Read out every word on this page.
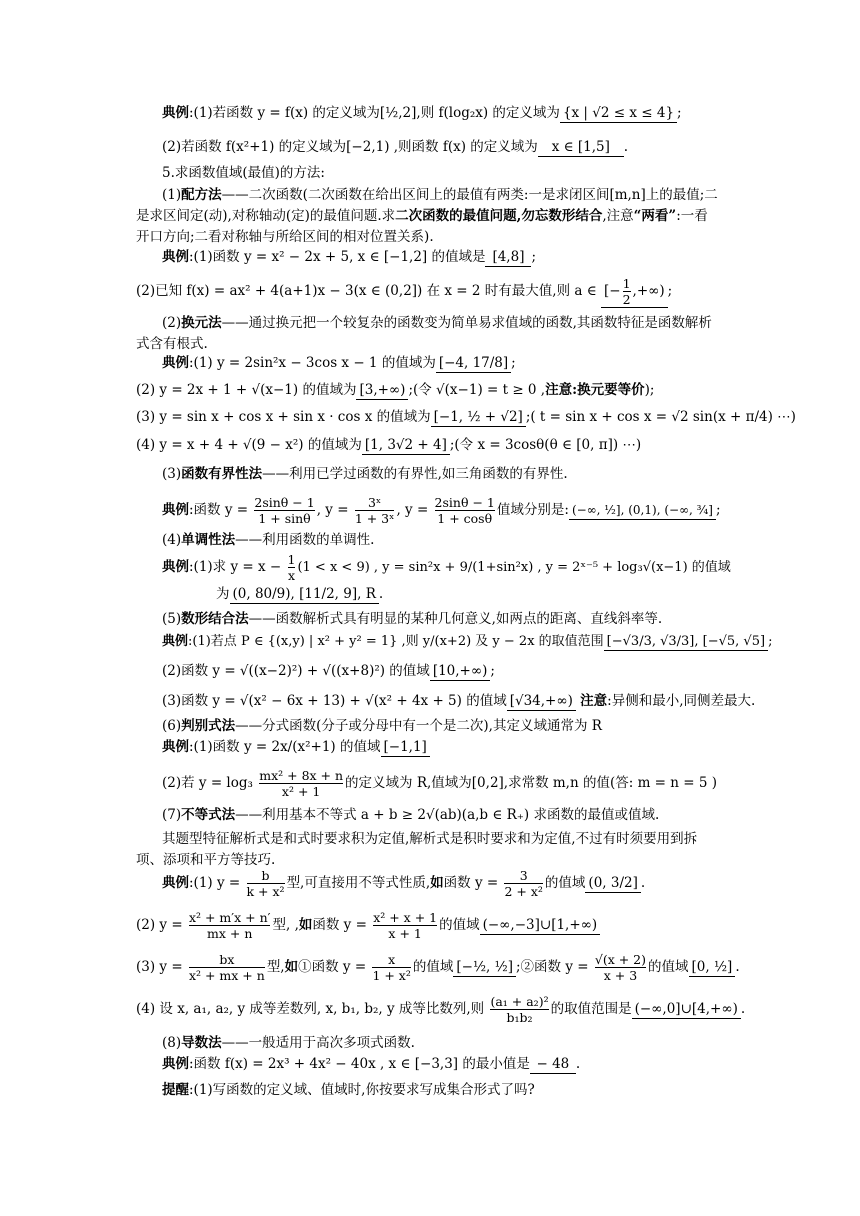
典例:(1)若函数 y = f(x) 的定义域为[½,2],则 f(log₂x) 的定义域为 {x | √2 ≤ x ≤ 4} ;
(2)若函数 f(x²+1) 的定义域为[−2,1) ,则函数 f(x) 的定义域为 x ∈ [1,5] .
5.求函数值域(最值)的方法:
(1)配方法——二次函数(二次函数在给出区间上的最值有两类:一是求闭区间[m,n]上的最值;二是求区间定(动),对称轴动(定)的最值问题.求二次函数的最值问题,勿忘数形结合,注意“两看”:一看开口方向;二看对称轴与所给区间的相对位置关系).
典例:(1)函数 y = x² − 2x + 5, x ∈ [−1,2] 的值域是 [4,8] ;
(2)已知 f(x) = ax² + 4(a+1)x − 3(x ∈ (0,2]) 在 x = 2 时有最大值,则 a ∈ [− $\frac{1}{2}$ ,+∞) ;
(2)换元法——通过换元把一个较复杂的函数变为简单易求值域的函数,其函数特征是函数解析式含有根式.
典例:(1) y = 2sin²x − 3cos x − 1 的值域为 [−4, 17/8] ;
(2) y = 2x + 1 + √(x−1) 的值域为 [3,+∞) ;(令 √(x−1) = t ≥ 0 ,注意:换元要等价);
(3) y = sin x + cos x + sin x · cos x 的值域为 [−1, ½ + √2] ;( t = sin x + cos x = √2 sin(x + π/4) ⋯)
(4) y = x + 4 + √(9 − x²) 的值域为 [1, 3√2 + 4] ;(令 x = 3cosθ(θ ∈ [0, π]) ⋯)
(3)函数有界性法——利用已学过函数的有界性,如三角函数的有界性.
典例:函数 $y = \frac{2\sin\theta - 1}{1 + \sin\theta}$ , $y = \frac{\text{3ˣ}}{\text{1 + 3ˣ}}$ , $y = \frac{2\sin\theta - 1}{1 + \cos\theta}$ 值域分别是: (−∞, ½], (0,1), (−∞, ¾] ;
(4)单调性法——利用函数的单调性.
典例:(1)求 $y = x - \frac{1}{x} (1 < x < 9)$ , y = sin²x + 9/(1+sin²x) , y = 2ˣ⁻⁵ + log₃√(x−1) 的值域
为 (0, 80/9), [11/2, 9], R .
(5)数形结合法——函数解析式具有明显的某种几何意义,如两点的距离、直线斜率等.
典例:(1)若点 P ∈ {(x,y) | x² + y² = 1} ,则 y/(x+2) 及 y − 2x 的取值范围 [−√3/3, √3/3], [−√5, √5] ;
(2)函数 y = √((x−2)²) + √((x+8)²) 的值域 [10,+∞) ;
(3)函数 y = √(x² − 6x + 13) + √(x² + 4x + 5) 的值域 [√34,+∞) 注意:异侧和最小,同侧差最大.
(6)判别式法——分式函数(分子或分母中有一个是二次),其定义域通常为 R
典例:(1)函数 y = 2x/(x²+1) 的值域 [−1,1]
(2)若 $y = \log_3 \frac{\text{mx² + 8x + n}}{\text{x² + 1}}$ 的定义域为 R,值域为[0,2],求常数 m,n 的值(答: m = n = 5 )
(7)不等式法——利用基本不等式 a + b ≥ 2√(ab)(a,b ∈ R₊) 求函数的最值或值域.
其题型特征解析式是和式时要求积为定值,解析式是积时要求和为定值,不过有时须要用到拆项、添项和平方等技巧.
典例:(1) $y = \frac{b}{\text{k + x²}}$ 型,可直接用不等式性质,如函数 $y = \frac{3}{\text{2 + x²}}$ 的值域 (0, 3/2] .
(2) $y = \frac{\text{x² + m′x + n′}}{mx + n}$ 型, ,如函数 $y = \frac{\text{x² + x + 1}}{x + 1}$ 的值域 (−∞,−3]∪[1,+∞)
(3) $y = \frac{bx}{\text{x² + mx + n}}$ 型,如①函数 $y = \frac{x}{\text{1 + x²}}$ 的值域 [−½, ½] ;②函数 $y = \frac{√(x + 2)}{x + 3}$ 的值域 [0, ½] .
(4) 设 x, a₁, a₂, y 成等差数列, x, b₁, b₂, y 成等比数列,则 $\frac{\text{(a₁ + a₂)²}}{\text{b₁b₂}}$ 的取值范围是 (−∞,0]∪[4,+∞) .
(8)导数法——一般适用于高次多项式函数.
典例:函数 f(x) = 2x³ + 4x² − 40x , x ∈ [−3,3] 的最小值是 − 48 .
提醒:(1)写函数的定义域、值域时,你按要求写成集合形式了吗?
